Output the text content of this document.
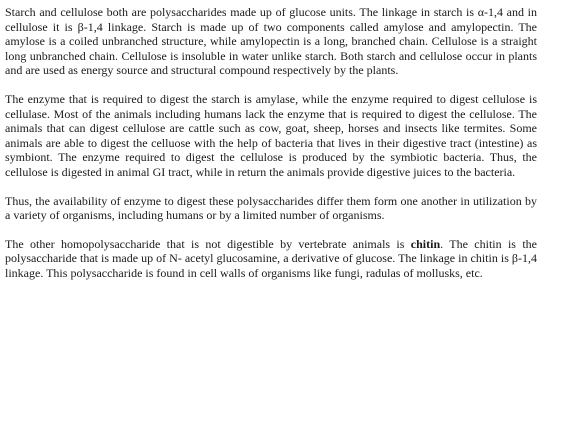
Starch and cellulose both are polysaccharides made up of glucose units. The linkage in starch is α-1,4 and in cellulose it is β-1,4 linkage. Starch is made up of two components called amylose and amylopectin. The amylose is a coiled unbranched structure, while amylopectin is a long, branched chain. Cellulose is a straight long unbranched chain. Cellulose is insoluble in water unlike starch. Both starch and cellulose occur in plants and are used as energy source and structural compound respectively by the plants.

The enzyme that is required to digest the starch is amylase, while the enzyme required to digest cellulose is cellulase. Most of the animals including humans lack the enzyme that is required to digest the cellulose. The animals that can digest cellulose are cattle such as cow, goat, sheep, horses and insects like termites. Some animals are able to digest the celluose with the help of bacteria that lives in their digestive tract (intestine) as symbiont. The enzyme required to digest the cellulose is produced by the symbiotic bacteria. Thus, the cellulose is digested in animal GI tract, while in return the animals provide digestive juices to the bacteria.

Thus, the availability of enzyme to digest these polysaccharides differ them form one another in utilization by a variety of organisms, including humans or by a limited number of organisms.

The other homopolysaccharide that is not digestible by vertebrate animals is chitin. The chitin is the polysaccharide that is made up of N- acetyl glucosamine, a derivative of glucose. The linkage in chitin is β-1,4 linkage. This polysaccharide is found in cell walls of organisms like fungi, radulas of mollusks, etc.
